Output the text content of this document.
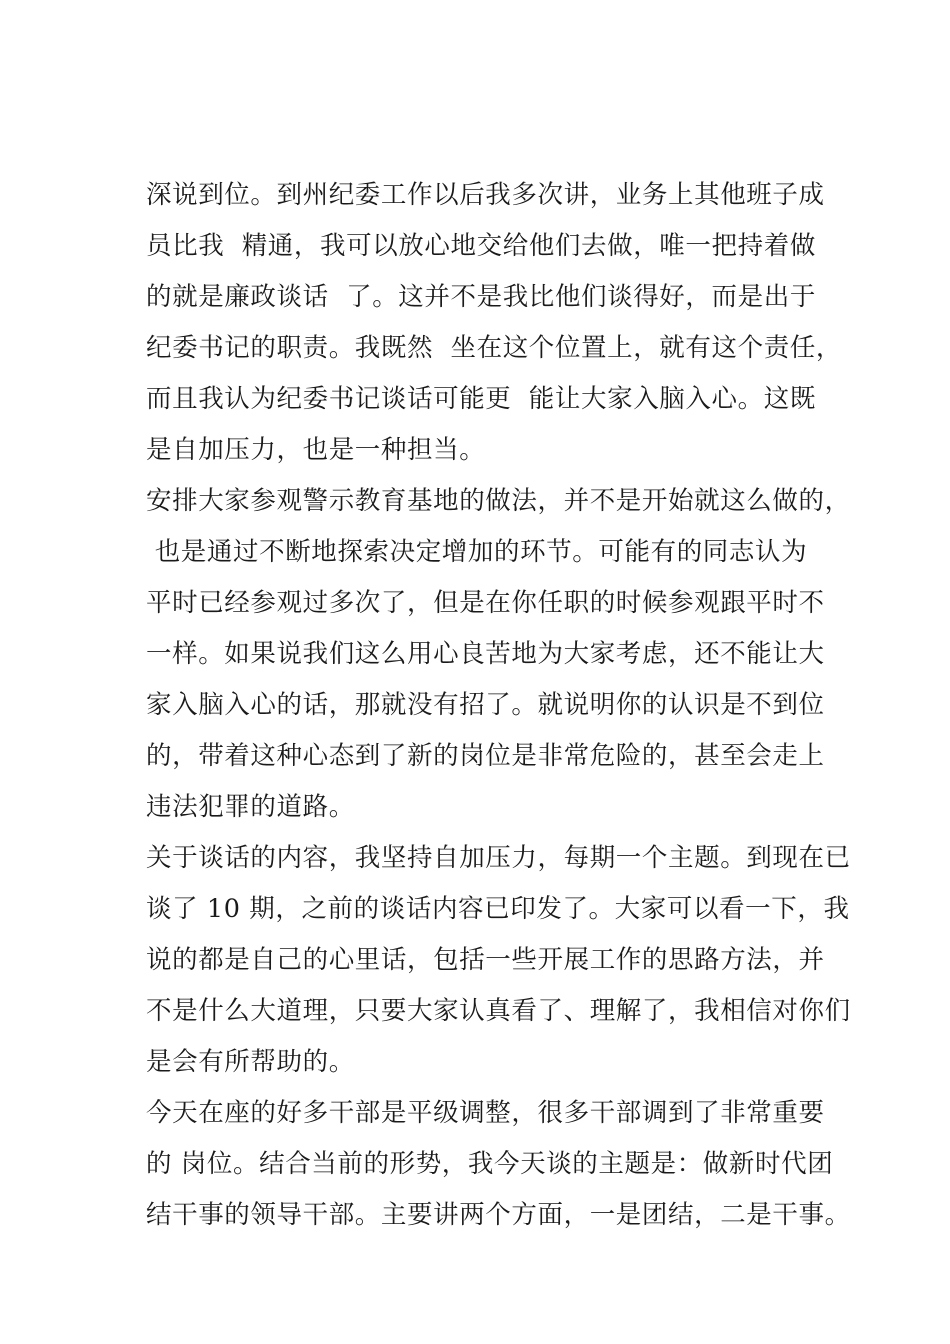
深说到位。到州纪委工作以后我多次讲，业务上其他班子成
员比我  精通，我可以放心地交给他们去做，唯一把持着做
的就是廉政谈话  了。这并不是我比他们谈得好，而是出于
纪委书记的职责。我既然  坐在这个位置上，就有这个责任，
而且我认为纪委书记谈话可能更  能让大家入脑入心。这既
是自加压力，也是一种担当。
安排大家参观警示教育基地的做法，并不是开始就这么做的，
也是通过不断地探索决定增加的环节。可能有的同志认为
平时已经参观过多次了，但是在你任职的时候参观跟平时不
一样。如果说我们这么用心良苦地为大家考虑，还不能让大
家入脑入心的话，那就没有招了。就说明你的认识是不到位
的，带着这种心态到了新的岗位是非常危险的，甚至会走上
违法犯罪的道路。
关于谈话的内容，我坚持自加压力，每期一个主题。到现在已
谈了 10 期，之前的谈话内容已印发了。大家可以看一下，我
说的都是自己的心里话，包括一些开展工作的思路方法，并
不是什么大道理，只要大家认真看了、理解了，我相信对你们
是会有所帮助的。
今天在座的好多干部是平级调整，很多干部调到了非常重要
的 岗位。结合当前的形势，我今天谈的主题是：做新时代团
结干事的领导干部。主要讲两个方面，一是团结，二是干事。
